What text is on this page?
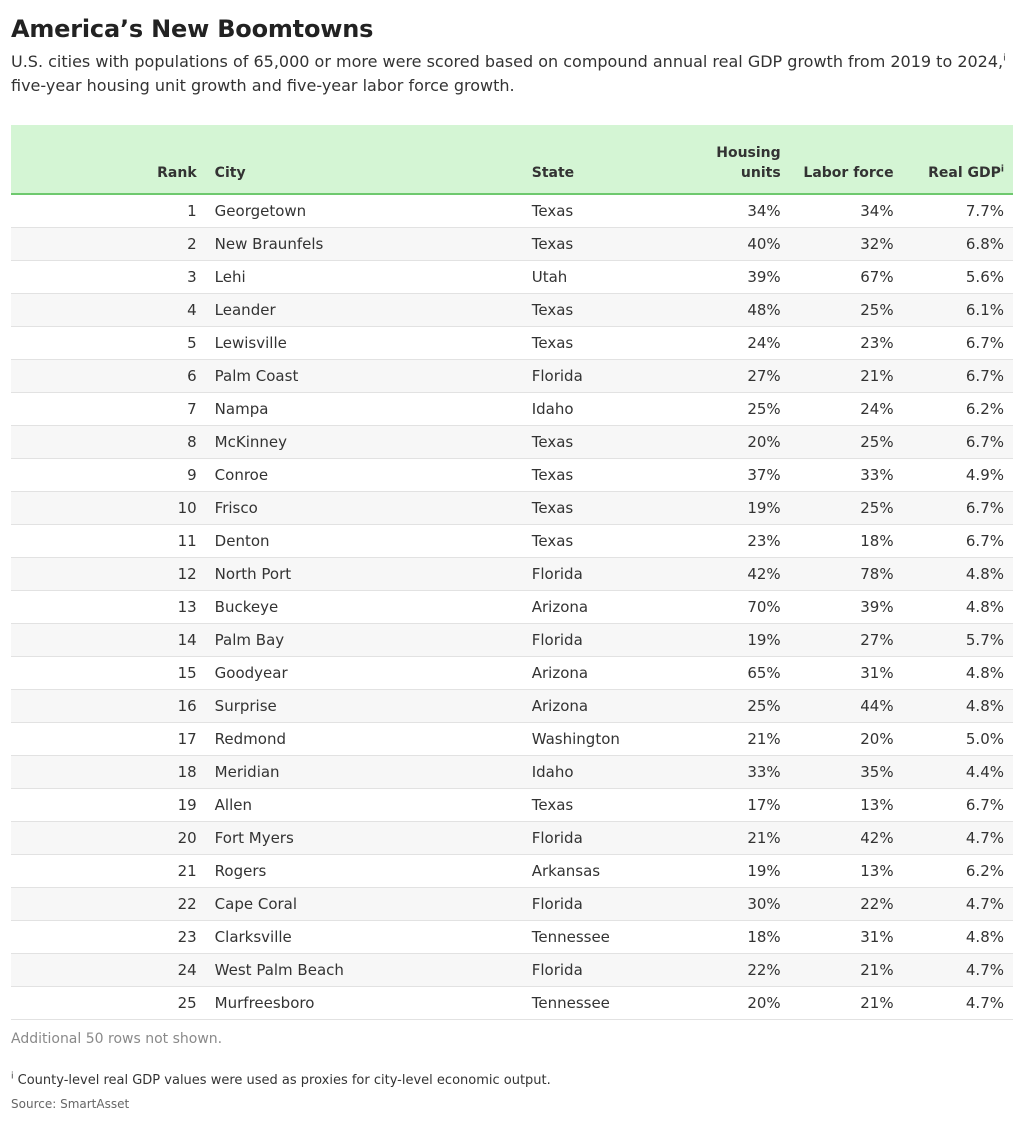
America’s New Boomtowns

U.S. cities with populations of 65,000 or more were scored based on compound annual real GDP growth from 2019 to 2024,$^i$ five-year housing unit growth and five-year labor force growth.

Rank	City	State	Housing
units	Labor force	Real GDP$^i$
1	Georgetown	Texas	34%	34%	7.7%
2	New Braunfels	Texas	40%	32%	6.8%
3	Lehi	Utah	39%	67%	5.6%
4	Leander	Texas	48%	25%	6.1%
5	Lewisville	Texas	24%	23%	6.7%
6	Palm Coast	Florida	27%	21%	6.7%
7	Nampa	Idaho	25%	24%	6.2%
8	McKinney	Texas	20%	25%	6.7%
9	Conroe	Texas	37%	33%	4.9%
10	Frisco	Texas	19%	25%	6.7%
11	Denton	Texas	23%	18%	6.7%
12	North Port	Florida	42%	78%	4.8%
13	Buckeye	Arizona	70%	39%	4.8%
14	Palm Bay	Florida	19%	27%	5.7%
15	Goodyear	Arizona	65%	31%	4.8%
16	Surprise	Arizona	25%	44%	4.8%
17	Redmond	Washington	21%	20%	5.0%
18	Meridian	Idaho	33%	35%	4.4%
19	Allen	Texas	17%	13%	6.7%
20	Fort Myers	Florida	21%	42%	4.7%
21	Rogers	Arkansas	19%	13%	6.2%
22	Cape Coral	Florida	30%	22%	4.7%
23	Clarksville	Tennessee	18%	31%	4.8%
24	West Palm Beach	Florida	22%	21%	4.7%
25	Murfreesboro	Tennessee	20%	21%	4.7%
Additional 50 rows not shown.
$^i$ County-level real GDP values were used as proxies for city-level economic output.
Source: SmartAsset
